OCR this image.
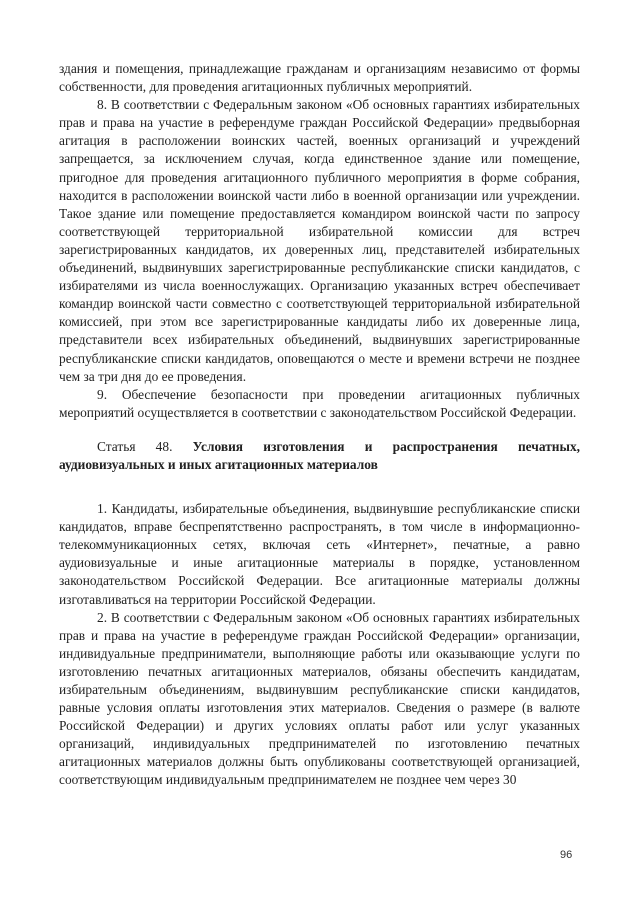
здания и помещения, принадлежащие гражданам и организациям независимо от формы собственности, для проведения агитационных публичных мероприятий.

8. В соответствии с Федеральным законом «Об основных гарантиях избирательных прав и права на участие в референдуме граждан Российской Федерации» предвыборная агитация в расположении воинских частей, военных организаций и учреждений запрещается, за исключением случая, когда единственное здание или помещение, пригодное для проведения агитационного публичного мероприятия в форме собрания, находится в расположении воинской части либо в военной организации или учреждении. Такое здание или помещение предоставляется командиром воинской части по запросу соответствующей территориальной избирательной комиссии для встреч зарегистрированных кандидатов, их доверенных лиц, представителей избирательных объединений, выдвинувших зарегистрированные республиканские списки кандидатов, с избирателями из числа военнослужащих. Организацию указанных встреч обеспечивает командир воинской части совместно с соответствующей территориальной избирательной комиссией, при этом все зарегистрированные кандидаты либо их доверенные лица, представители всех избирательных объединений, выдвинувших зарегистрированные республиканские списки кандидатов, оповещаются о месте и времени встречи не позднее чем за три дня до ее проведения.

9. Обеспечение безопасности при проведении агитационных публичных мероприятий осуществляется в соответствии с законодательством Российской Федерации.

Статья 48. Условия изготовления и распространения печатных, аудиовизуальных и иных агитационных материалов

1. Кандидаты, избирательные объединения, выдвинувшие республиканские списки кандидатов, вправе беспрепятственно распространять, в том числе в информационно-телекоммуникационных сетях, включая сеть «Интернет», печатные, а равно аудиовизуальные и иные агитационные материалы в порядке, установленном законодательством Российской Федерации. Все агитационные материалы должны изготавливаться на территории Российской Федерации.

2. В соответствии с Федеральным законом «Об основных гарантиях избирательных прав и права на участие в референдуме граждан Российской Федерации» организации, индивидуальные предприниматели, выполняющие работы или оказывающие услуги по изготовлению печатных агитационных материалов, обязаны обеспечить кандидатам, избирательным объединениям, выдвинувшим республиканские списки кандидатов, равные условия оплаты изготовления этих материалов. Сведения о размере (в валюте Российской Федерации) и других условиях оплаты работ или услуг указанных организаций, индивидуальных предпринимателей по изготовлению печатных агитационных материалов должны быть опубликованы соответствующей организацией, соответствующим индивидуальным предпринимателем не позднее чем через 30

96
